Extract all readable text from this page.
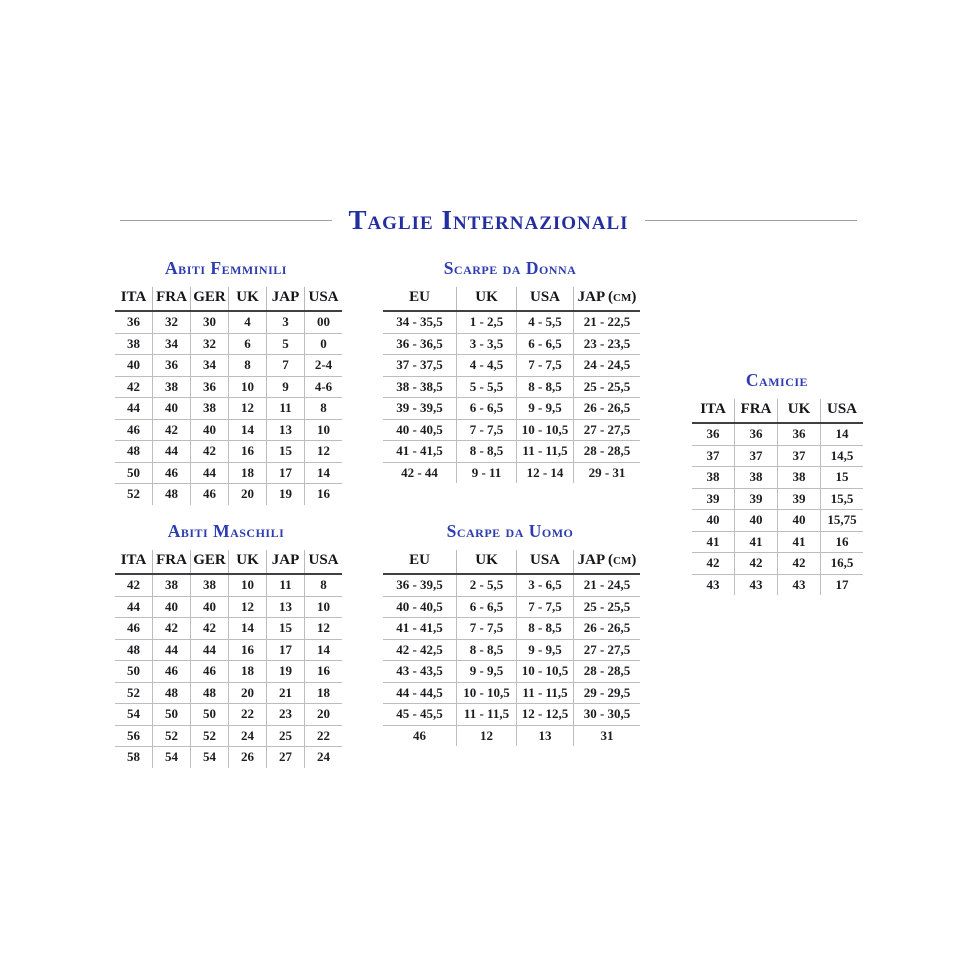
Taglie Internazionali
Abiti Femminili
ITA	FRA	GER	UK	JAP	USA
36	32	30	4	3	00
38	34	32	6	5	0
40	36	34	8	7	2-4
42	38	36	10	9	4-6
44	40	38	12	11	8
46	42	40	14	13	10
48	44	42	16	15	12
50	46	44	18	17	14
52	48	46	20	19	16
Scarpe da Donna
EU	UK	USA	JAP (cm)
34 - 35,5	1 - 2,5	4 - 5,5	21 - 22,5
36 - 36,5	3 - 3,5	6 - 6,5	23 - 23,5
37 - 37,5	4 - 4,5	7 - 7,5	24 - 24,5
38 - 38,5	5 - 5,5	8 - 8,5	25 - 25,5
39 - 39,5	6 - 6,5	9 - 9,5	26 - 26,5
40 - 40,5	7 - 7,5	10 - 10,5	27 - 27,5
41 - 41,5	8 - 8,5	11 - 11,5	28 - 28,5
42 - 44	9 - 11	12 - 14	29 - 31
Camicie
ITA	FRA	UK	USA
36	36	36	14
37	37	37	14,5
38	38	38	15
39	39	39	15,5
40	40	40	15,75
41	41	41	16
42	42	42	16,5
43	43	43	17
Abiti Maschili
ITA	FRA	GER	UK	JAP	USA
42	38	38	10	11	8
44	40	40	12	13	10
46	42	42	14	15	12
48	44	44	16	17	14
50	46	46	18	19	16
52	48	48	20	21	18
54	50	50	22	23	20
56	52	52	24	25	22
58	54	54	26	27	24
Scarpe da Uomo
EU	UK	USA	JAP (cm)
36 - 39,5	2 - 5,5	3 - 6,5	21 - 24,5
40 - 40,5	6 - 6,5	7 - 7,5	25 - 25,5
41 - 41,5	7 - 7,5	8 - 8,5	26 - 26,5
42 - 42,5	8 - 8,5	9 - 9,5	27 - 27,5
43 - 43,5	9 - 9,5	10 - 10,5	28 - 28,5
44 - 44,5	10 - 10,5	11 - 11,5	29 - 29,5
45 - 45,5	11 - 11,5	12 - 12,5	30 - 30,5
46	12	13	31
